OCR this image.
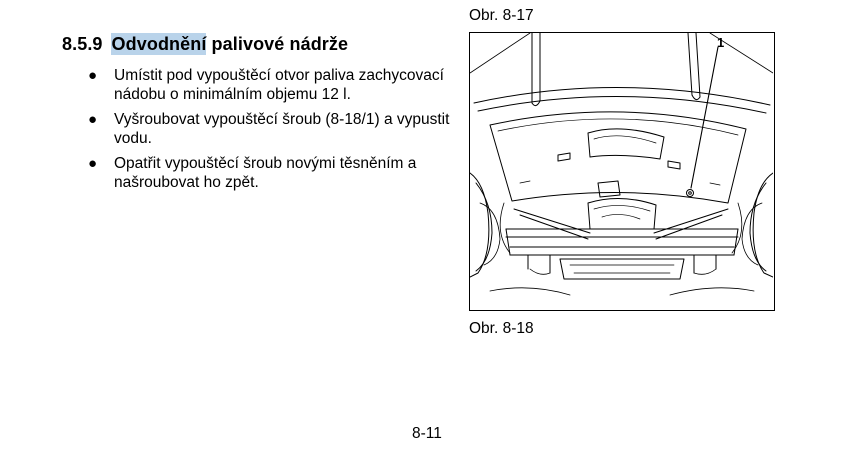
8.5.9 Odvodnění palivové nádrže
● Umístit pod vypouštěcí otvor paliva zachycovací nádobu o minimálním objemu 12 l.
● Vyšroubovat vypouštěcí šroub (8-18/1) a vypustit vodu.
● Opatřit vypouštěcí šroub novými těsněním a našroubovat ho zpět.
Obr. 8-17
1
Obr. 8-18
8-11
